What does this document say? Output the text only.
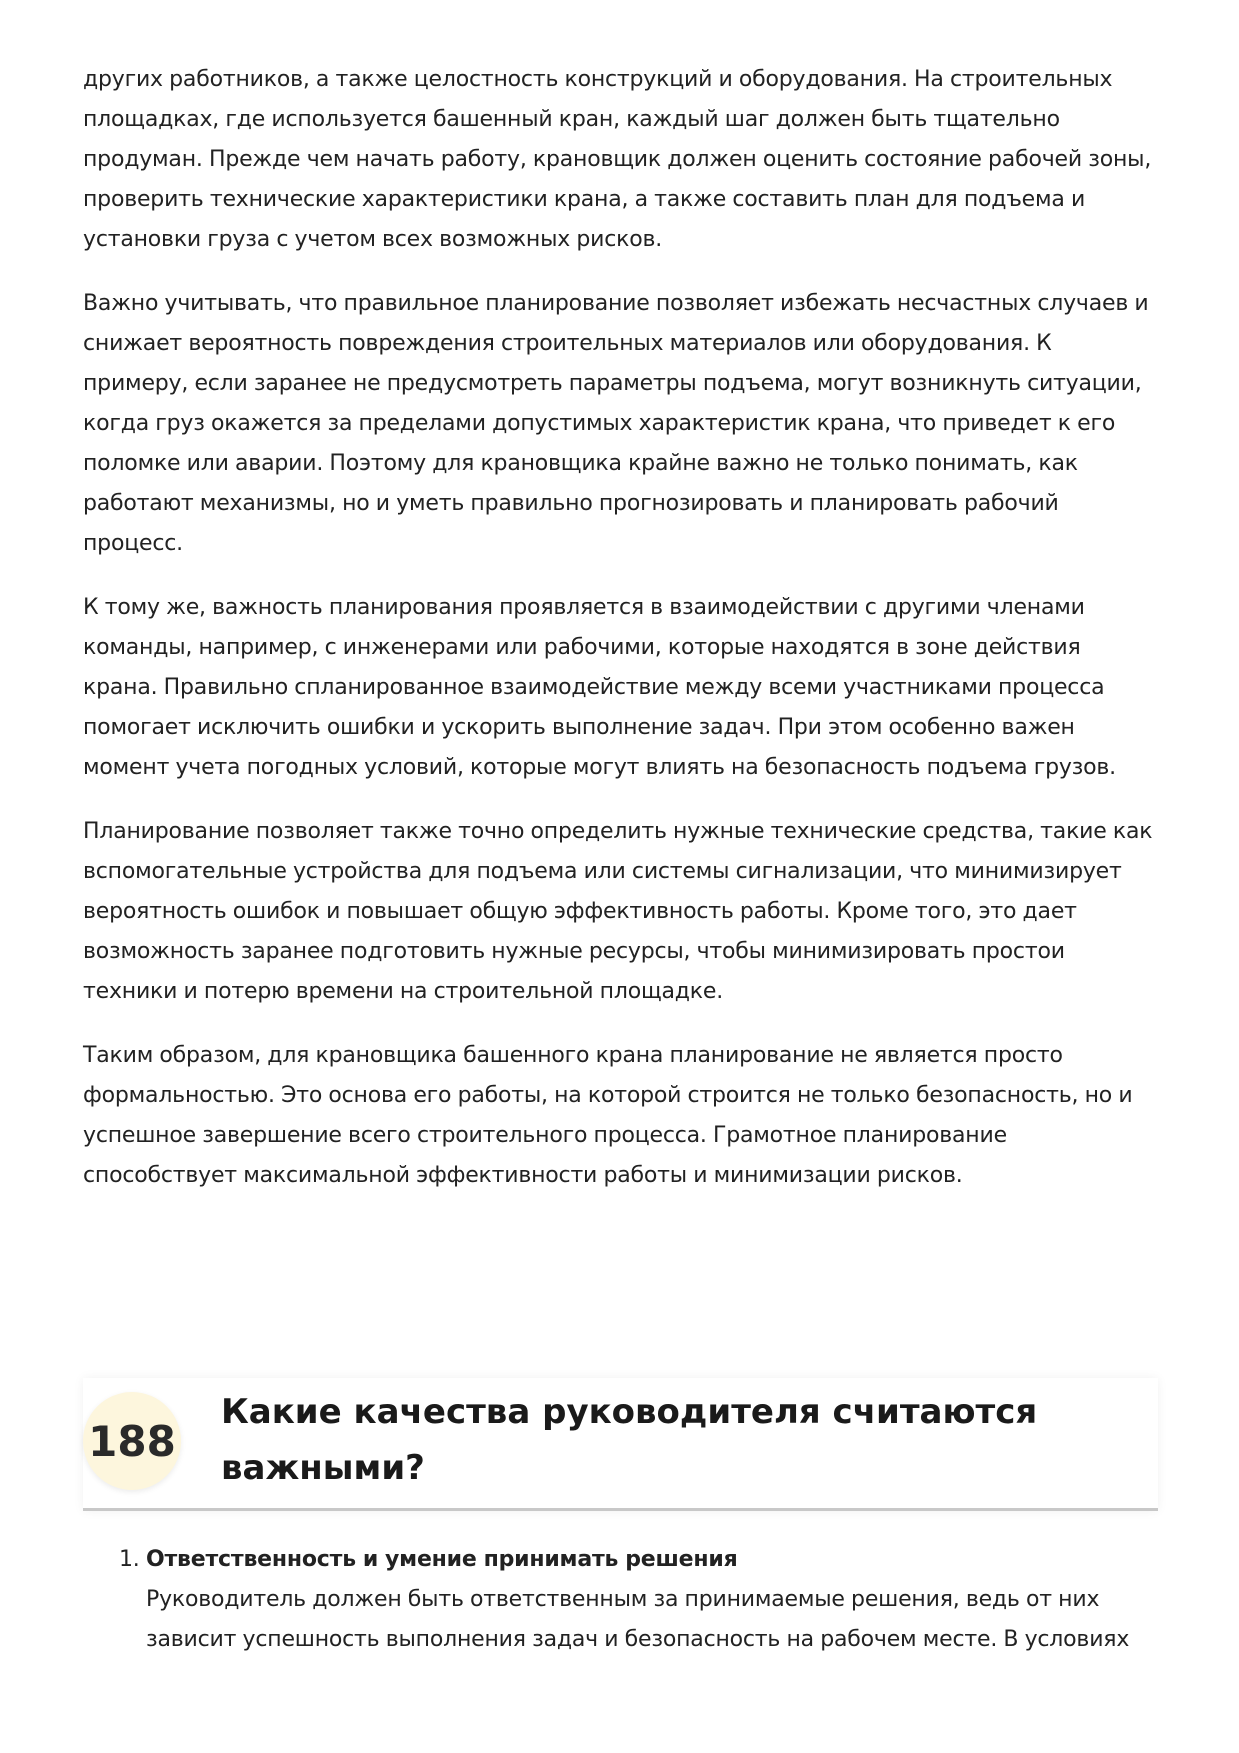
других работников, а также целостность конструкций и оборудования. На строительных площадках, где используется башенный кран, каждый шаг должен быть тщательно продуман. Прежде чем начать работу, крановщик должен оценить состояние рабочей зоны, проверить технические характеристики крана, а также составить план для подъема и установки груза с учетом всех возможных рисков.

Важно учитывать, что правильное планирование позволяет избежать несчастных случаев и снижает вероятность повреждения строительных материалов или оборудования. К примеру, если заранее не предусмотреть параметры подъема, могут возникнуть ситуации, когда груз окажется за пределами допустимых характеристик крана, что приведет к его поломке или аварии. Поэтому для крановщика крайне важно не только понимать, как работают механизмы, но и уметь правильно прогнозировать и планировать рабочий процесс.

К тому же, важность планирования проявляется в взаимодействии с другими членами команды, например, с инженерами или рабочими, которые находятся в зоне действия крана. Правильно спланированное взаимодействие между всеми участниками процесса помогает исключить ошибки и ускорить выполнение задач. При этом особенно важен момент учета погодных условий, которые могут влиять на безопасность подъема грузов.

Планирование позволяет также точно определить нужные технические средства, такие как вспомогательные устройства для подъема или системы сигнализации, что минимизирует вероятность ошибок и повышает общую эффективность работы. Кроме того, это дает возможность заранее подготовить нужные ресурсы, чтобы минимизировать простои техники и потерю времени на строительной площадке.

Таким образом, для крановщика башенного крана планирование не является просто формальностью. Это основа его работы, на которой строится не только безопасность, но и успешное завершение всего строительного процесса. Грамотное планирование способствует максимальной эффективности работы и минимизации рисков.

188
Какие качества руководителя считаются важными?
1. Ответственность и умение принимать решения
Руководитель должен быть ответственным за принимаемые решения, ведь от них зависит успешность выполнения задач и безопасность на рабочем месте. В условиях
